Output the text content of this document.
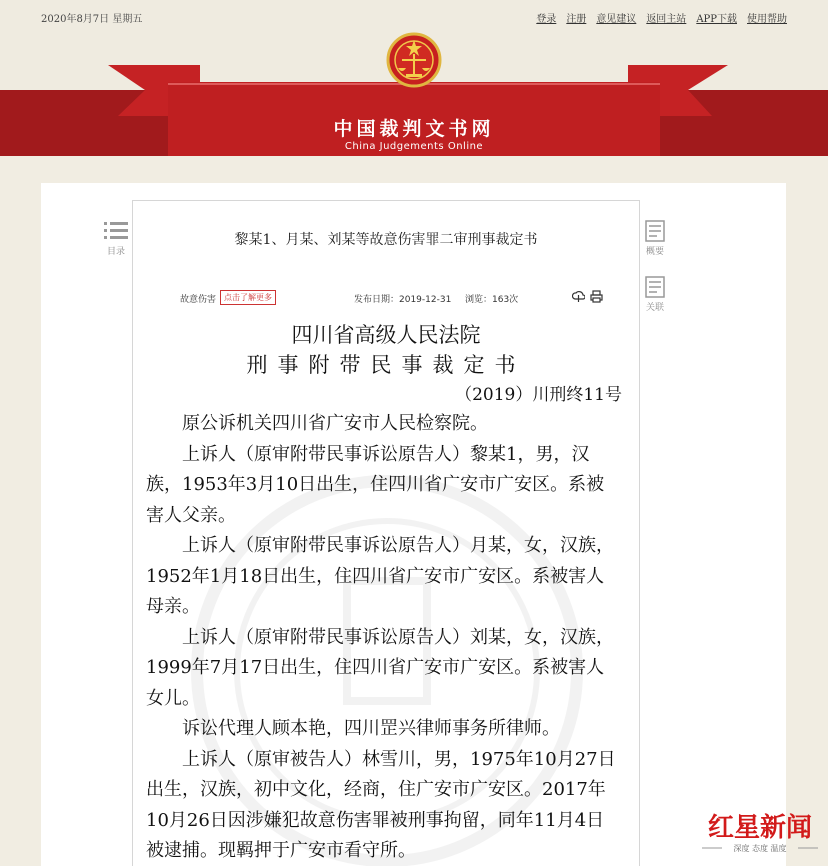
2020年8月7日 星期五	登录 注册 意见建议 返回主站 APP下载 使用帮助
中国裁判文书网
China Judgements Online
目录	概要
关联
黎某1、月某、刘某等故意伤害罪二审刑事裁定书
故意伤害 点击了解更多	发布日期：2019-12-31 浏览：163次
四川省高级人民法院
刑事附带民事裁定书
（2019）川刑终11号

原公诉机关四川省广安市人民检察院。

上诉人（原审附带民事诉讼原告人）黎某1，男，汉族，1953年3月10日出生，住四川省广安市广安区。系被害人父亲。

上诉人（原审附带民事诉讼原告人）月某，女，汉族，1952年1月18日出生，住四川省广安市广安区。系被害人母亲。

上诉人（原审附带民事诉讼原告人）刘某，女，汉族，1999年7月17日出生，住四川省广安市广安区。系被害人女儿。

诉讼代理人顾本艳，四川罡兴律师事务所律师。

上诉人（原审被告人）林雪川，男，1975年10月27日出生，汉族，初中文化，经商，住广安市广安区。2017年10月26日因涉嫌犯故意伤害罪被刑事拘留，同年11月4日被逮捕。现羁押于广安市看守所。

红星新闻
深度 态度 温度
